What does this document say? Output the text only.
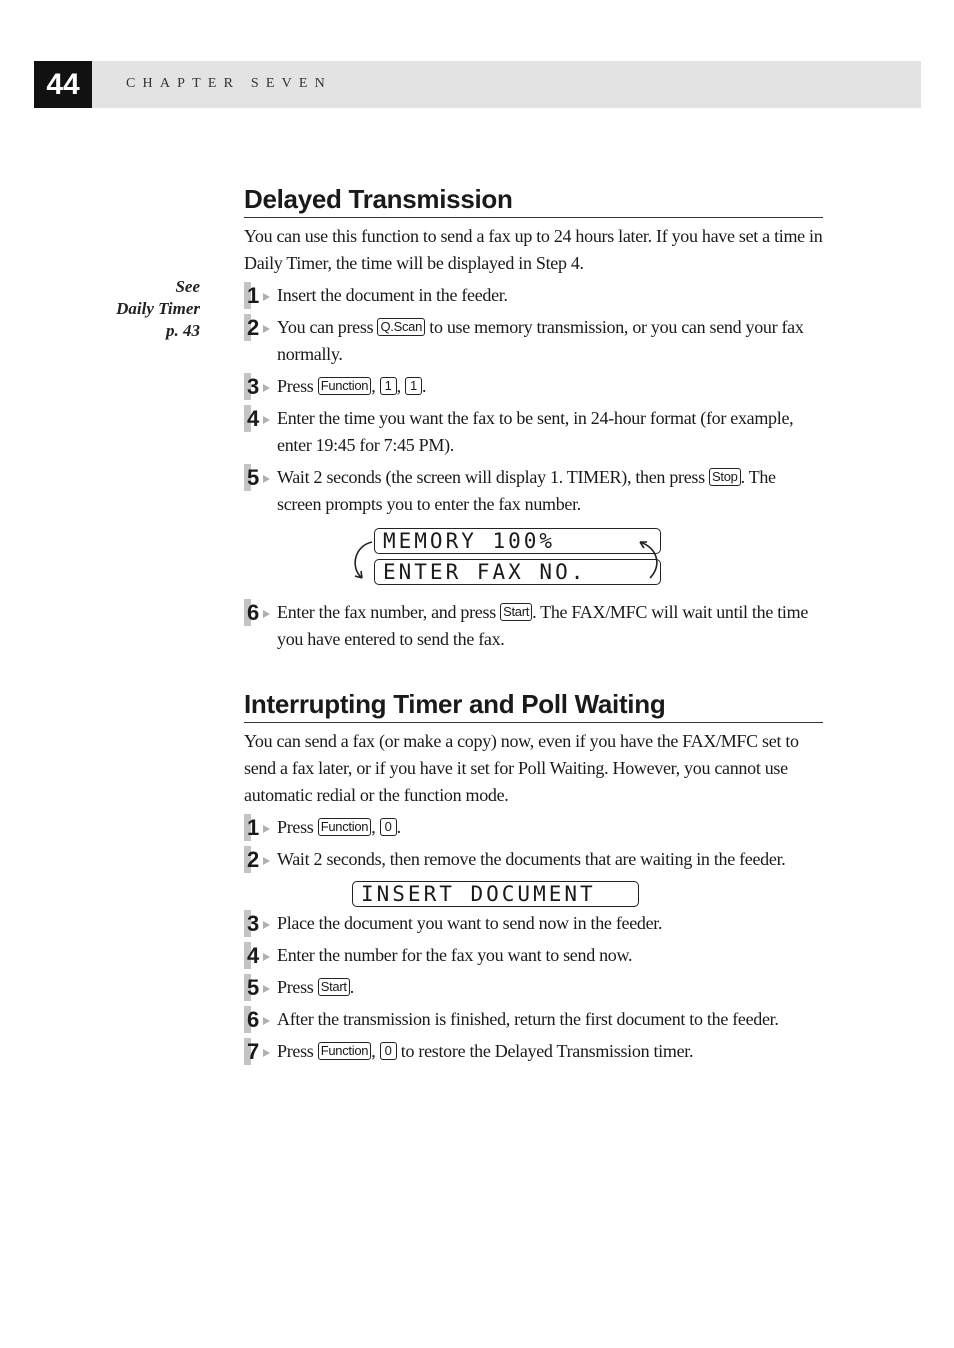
44	CHAPTER SEVEN
See
Daily Timer
p. 43
Delayed Transmission

You can use this function to send a fax up to 24 hours later. If you have set a time in Daily Timer, the time will be displayed in Step 4.

1	Insert the document in the feeder.
2	You can press Q.Scan to use memory transmission, or you can send your fax normally.
3	Press Function , 1 , 1 .
4	Enter the time you want the fax to be sent, in 24-hour format (for example, enter 19:45 for 7:45 PM).
5	Wait 2 seconds (the screen will display 1. TIMER), then press Stop . The screen prompts you to enter the fax number.
MEMORY 100%
ENTER FAX NO.
6	Enter the fax number, and press Start . The FAX/MFC will wait until the time you have entered to send the fax.
Interrupting Timer and Poll Waiting

You can send a fax (or make a copy) now, even if you have the FAX/MFC set to send a fax later, or if you have it set for Poll Waiting. However, you cannot use automatic redial or the function mode.

1	Press Function , 0 .
2	Wait 2 seconds, then remove the documents that are waiting in the feeder.
INSERT DOCUMENT
3	Place the document you want to send now in the feeder.
4	Enter the number for the fax you want to send now.
5	Press Start .
6	After the transmission is finished, return the first document to the feeder.
7	Press Function , 0 to restore the Delayed Transmission timer.
